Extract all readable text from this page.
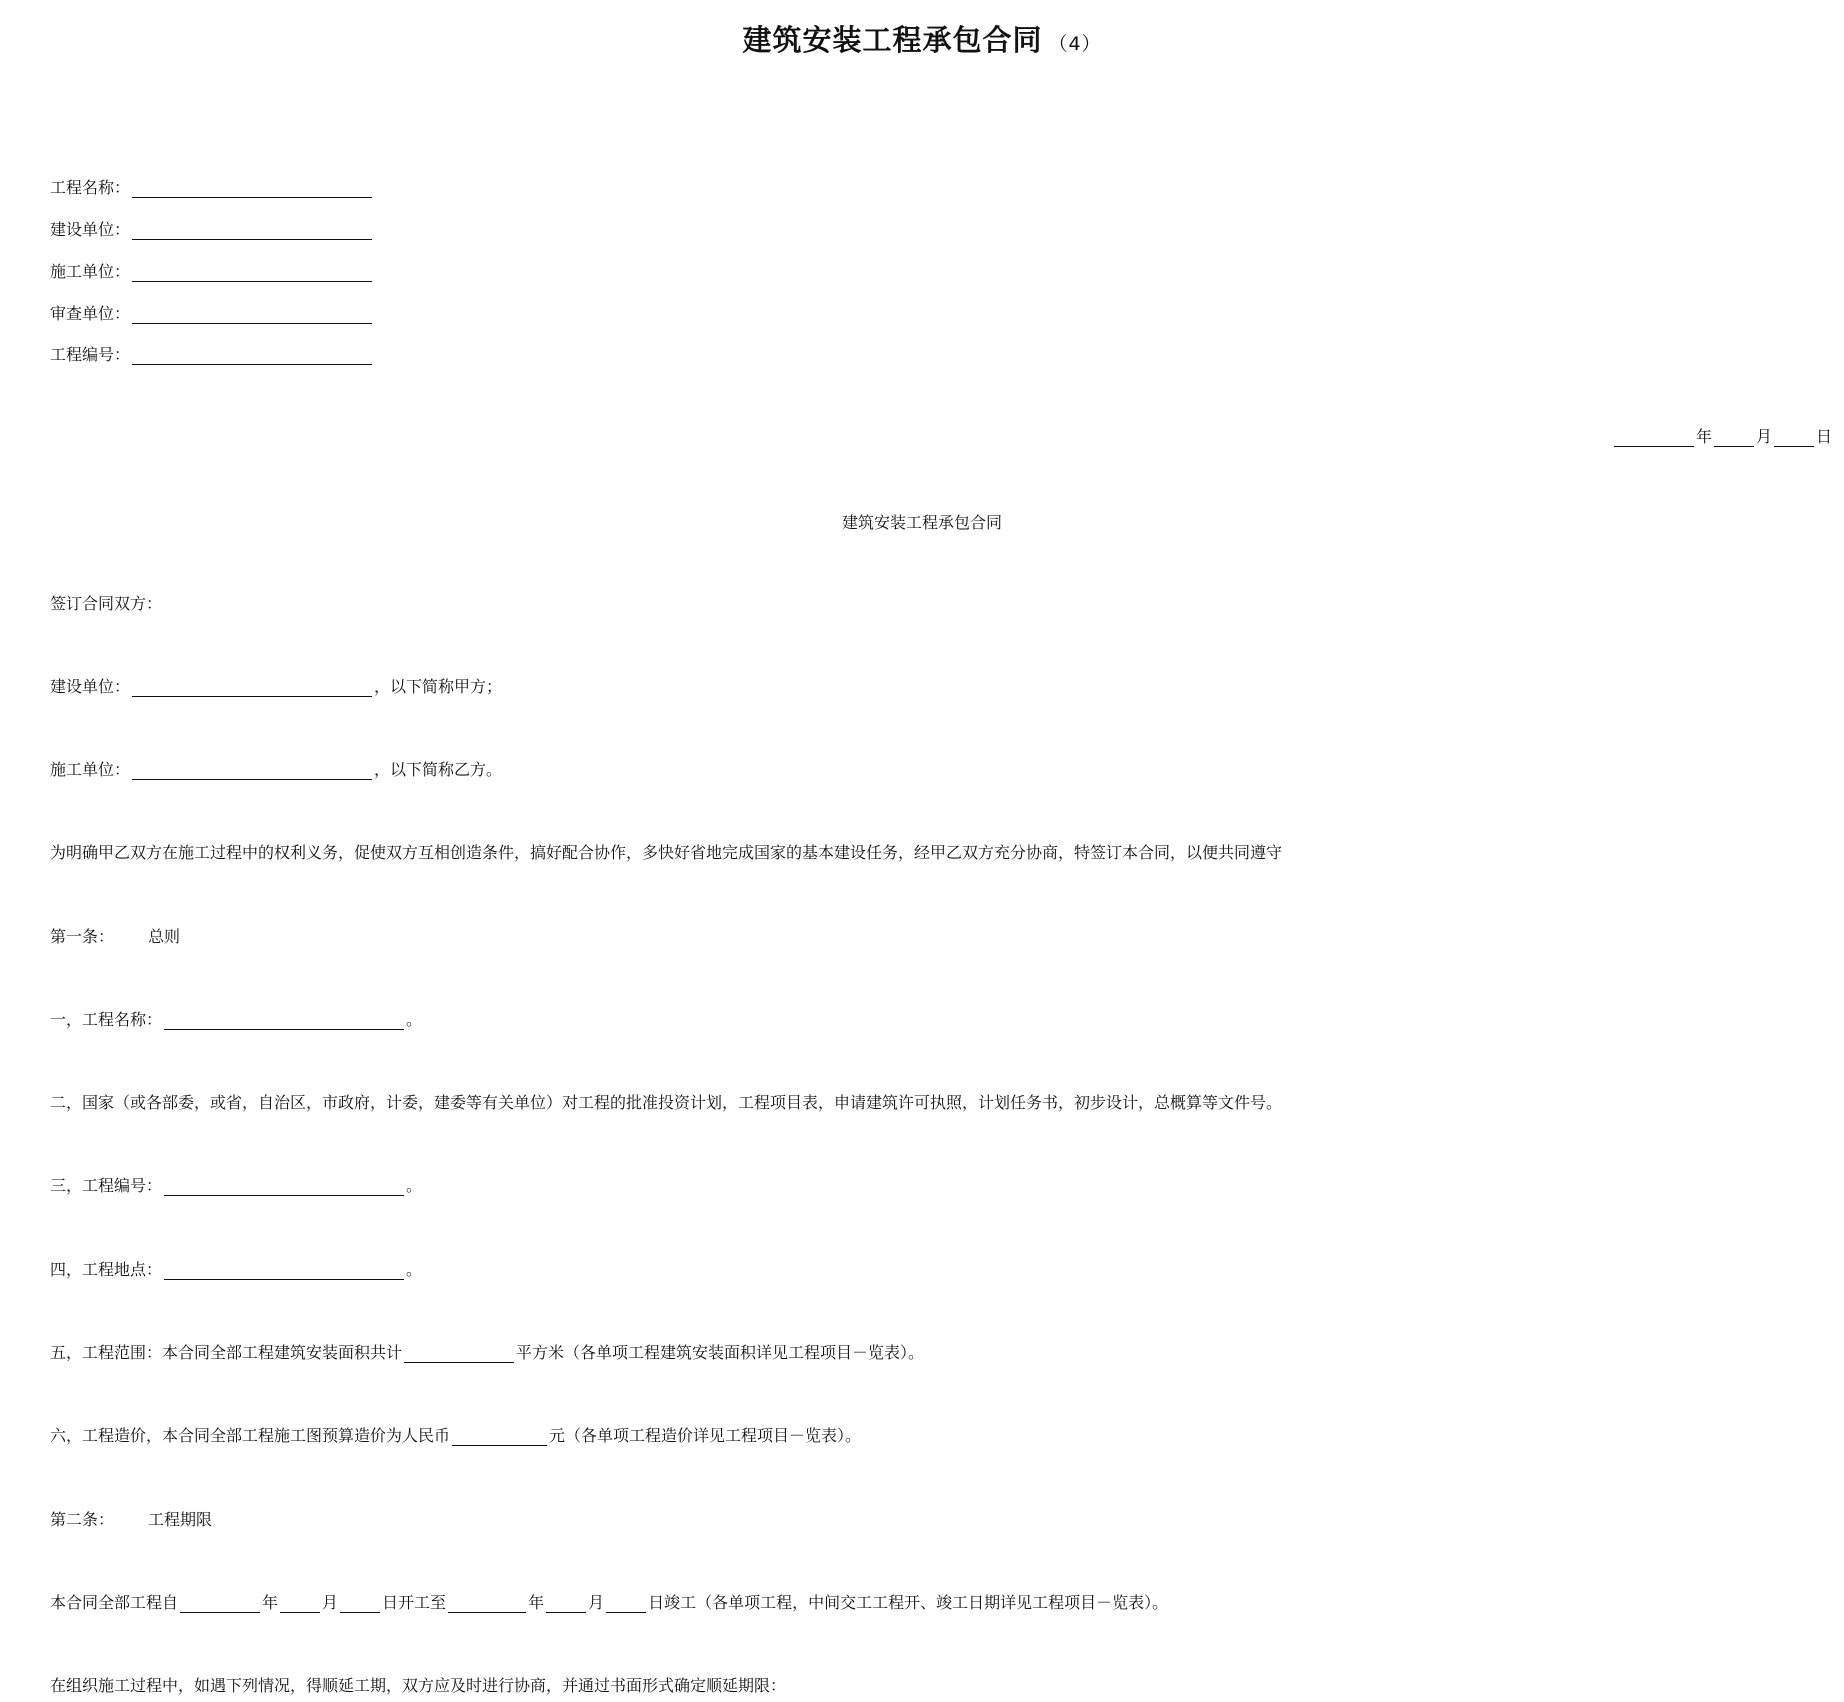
建筑安装工程承包合同 （4）
工程名称：
建设单位：
施工单位：
审查单位：
工程编号：
年	月	日
建筑安装工程承包合同
签订合同双方：
建设单位：	，以下简称甲方；
施工单位：	，以下简称乙方。
为明确甲乙双方在施工过程中的权利义务，促使双方互相创造条件，搞好配合协作，多快好省地完成国家的基本建设任务，经甲乙双方充分协商，特签订本合同，以便共同遵守
第一条： 总则
一，工程名称：	。
二，国家（或各部委，或省，自治区，市政府，计委，建委等有关单位）对工程的批准投资计划，工程项目表，申请建筑许可执照，计划任务书，初步设计，总概算等文件号。
三，工程编号：	。
四，工程地点：	。
五，工程范围：本合同全部工程建筑安装面积共计	平方米（各单项工程建筑安装面积详见工程项目－览表）。
六，工程造价，本合同全部工程施工图预算造价为人民币	元（各单项工程造价详见工程项目－览表）。
第二条： 工程期限
本合同全部工程自	年	月	日开工至	年	月	日竣工（各单项工程，中间交工工程开、竣工日期详见工程项目－览表）。
在组织施工过程中，如遇下列情况，得顺延工期，双方应及时进行协商，并通过书面形式确定顺延期限：
